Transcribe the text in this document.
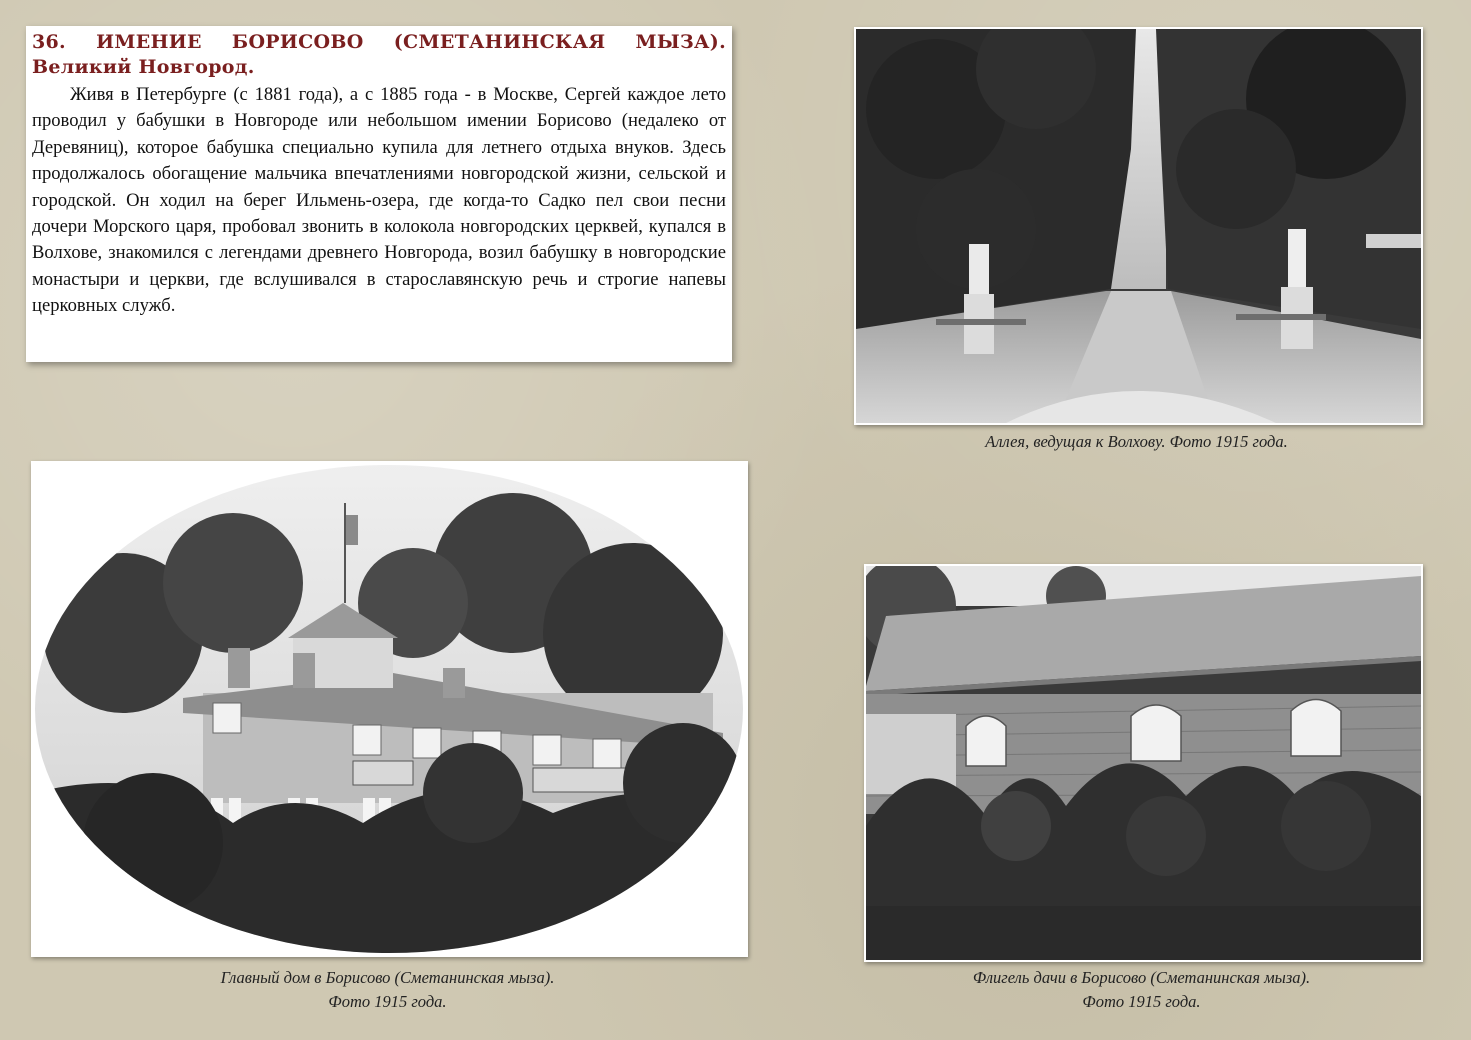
36. ИМЕНИЕ БОРИСОВО (СМЕТАНИНСКАЯ МЫЗА).
Великий Новгород.

Живя в Петербурге (с 1881 года), а с 1885 года - в Москве, Сергей каждое лето проводил у бабушки в Новгороде или небольшом имении Борисово (недалеко от Деревяниц), которое бабушка специально купила для летнего отдыха внуков. Здесь продолжалось обогащение мальчика впечатлениями новгородской жизни, сельской и городской. Он ходил на берег Ильмень-озера, где когда-то Садко пел свои песни дочери Морского царя, пробовал звонить в колокола новгородских церквей, купался в Волхове, знакомился с легендами древнего Новгорода, возил бабушку в новгородские монастыри и церкви, где вслушивался в старославянскую речь и строгие напевы церковных служб.

Аллея, ведущая к Волхову. Фото 1915 года.
Главный дом в Борисово (Сметанинская мыза).
Фото 1915 года.
Флигель дачи в Борисово (Сметанинская мыза).
Фото 1915 года.
